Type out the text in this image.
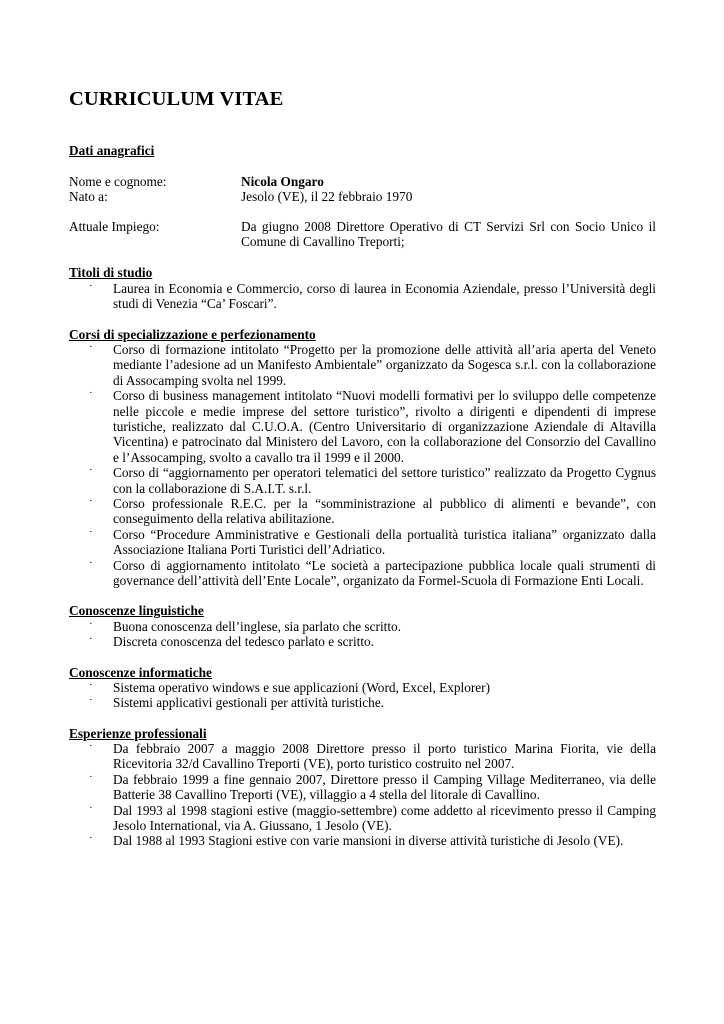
CURRICULUM VITAE
Dati anagrafici
Nome e cognome:	Nicola Ongaro
Nato a:	Jesolo (VE), il 22 febbraio 1970
Attuale Impiego:	Da giugno 2008 Direttore Operativo di CT Servizi Srl con Socio Unico il Comune di Cavallino Treporti;
Titoli di studio
· Laurea in Economia e Commercio, corso di laurea in Economia Aziendale, presso l’Università degli studi di Venezia “Ca’ Foscari”.
Corsi di specializzazione e perfezionamento
· Corso di formazione intitolato “Progetto per la promozione delle attività all’aria aperta del Veneto mediante l’adesione ad un Manifesto Ambientale” organizzato da Sogesca s.r.l. con la collaborazione di Assocamping svolta nel 1999.
· Corso di business management intitolato “Nuovi modelli formativi per lo sviluppo delle competenze nelle piccole e medie imprese del settore turistico”, rivolto a dirigenti e dipendenti di imprese turistiche, realizzato dal C.U.O.A. (Centro Universitario di organizzazione Aziendale di Altavilla Vicentina) e patrocinato dal Ministero del Lavoro, con la collaborazione del Consorzio del Cavallino e l’Assocamping, svolto a cavallo tra il 1999 e il 2000.
· Corso di “aggiornamento per operatori telematici del settore turistico” realizzato da Progetto Cygnus con la collaborazione di S.A.I.T. s.r.l.
· Corso professionale R.E.C. per la “somministrazione al pubblico di alimenti e bevande”, con conseguimento della relativa abilitazione.
· Corso “Procedure Amministrative e Gestionali della portualità turistica italiana” organizzato dalla Associazione Italiana Porti Turistici dell’Adriatico.
· Corso di aggiornamento intitolato “Le società a partecipazione pubblica locale quali strumenti di governance dell’attività dell’Ente Locale”, organizato da Formel-Scuola di Formazione Enti Locali.
Conoscenze linguistiche
· Buona conoscenza dell’inglese, sia parlato che scritto.
· Discreta conoscenza del tedesco parlato e scritto.
Conoscenze informatiche
· Sistema operativo windows e sue applicazioni (Word, Excel, Explorer)
· Sistemi applicativi gestionali per attività turistiche.
Esperienze professionali
· Da febbraio 2007 a maggio 2008 Direttore presso il porto turistico Marina Fiorita, vie della Ricevitoria 32/d Cavallino Treporti (VE), porto turistico costruito nel 2007.
· Da febbraio 1999 a fine gennaio 2007, Direttore presso il Camping Village Mediterraneo, via delle Batterie 38 Cavallino Treporti (VE), villaggio a 4 stella del litorale di Cavallino.
· Dal 1993 al 1998 stagioni estive (maggio-settembre) come addetto al ricevimento presso il Camping Jesolo International, via A. Giussano, 1 Jesolo (VE).
· Dal 1988 al 1993 Stagioni estive con varie mansioni in diverse attività turistiche di Jesolo (VE).
